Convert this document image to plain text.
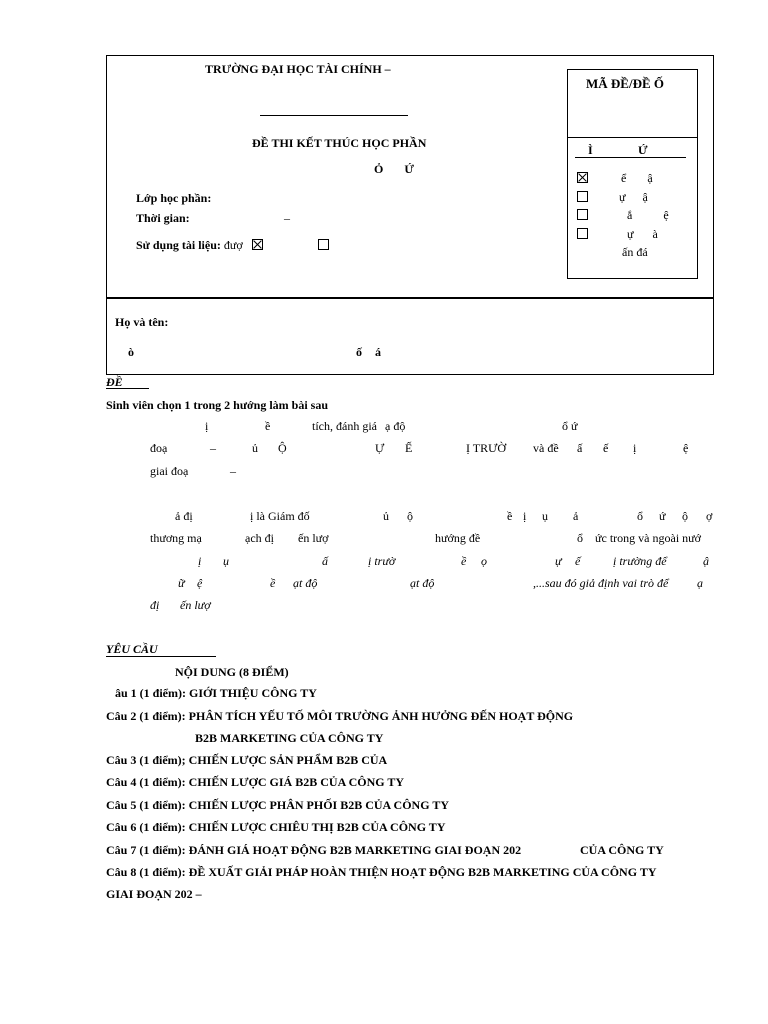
TRƯỜNG ĐẠI HỌC TÀI CHÍNH –
ĐỀ THI KẾT THÚC HỌC PHẦN
Ỏ Ứ
Lớp học phần:
Thời gian:	–
Sử dụng tài liệu: đượ
MÃ ĐỀ/ĐỀ Ố
Ì	Ứ
ể ậ
ự ậ
ắ ệ
ự à
ấn đá
Họ và tên:
ò	ố á
ĐỀ
Sinh viên chọn 1 trong 2 hướng làm bài sau
ị	ề	tích, đánh giá ạ độ	ổ ứ
đoạ	–	ủ Ộ	Ự Ế	Ị TRƯỜ và đề ấ ế ị	ệ
giai đoạ	–
ả đị	ị là Giám đố	ủ ộ	ề ị ụ ả	ổ ứ ộ ợ
thương mạ	ạch đị ến lượ	hướng đề	ổ ức trong và ngoài nướ
ị ụ	ấ	ị trườ	ề ọ	ự ế	ị trường để	ậ
ữ ệ	ề ạt độ	ạt độ	,...sau đó giả định vai trò để ạ
đị ến lượ
YÊU CẦU
NỘI DUNG (8 ĐIỂM)
âu 1 (1 điểm): GIỚI THIỆU CÔNG TY
Câu 2 (1 điểm): PHÂN TÍCH YẾU TỐ MÔI TRƯỜNG ẢNH HƯỞNG ĐẾN HOẠT ĐỘNG
B2B MARKETING CỦA CÔNG TY
Câu 3 (1 điểm); CHIẾN LƯỢC SẢN PHẨM B2B CỦA
Câu 4 (1 điểm): CHIẾN LƯỢC GIÁ B2B CỦA CÔNG TY
Câu 5 (1 điểm): CHIẾN LƯỢC PHÂN PHỐI B2B CỦA CÔNG TY
Câu 6 (1 điểm): CHIẾN LƯỢC CHIÊU THỊ B2B CỦA CÔNG TY
Câu 7 (1 điểm): ĐÁNH GIÁ HOẠT ĐỘNG B2B MARKETING GIAI ĐOẠN 202	CỦA CÔNG TY
Câu 8 (1 điểm): ĐỀ XUẤT GIẢI PHÁP HOÀN THIỆN HOẠT ĐỘNG B2B MARKETING CỦA CÔNG TY
GIAI ĐOẠN 202 –
